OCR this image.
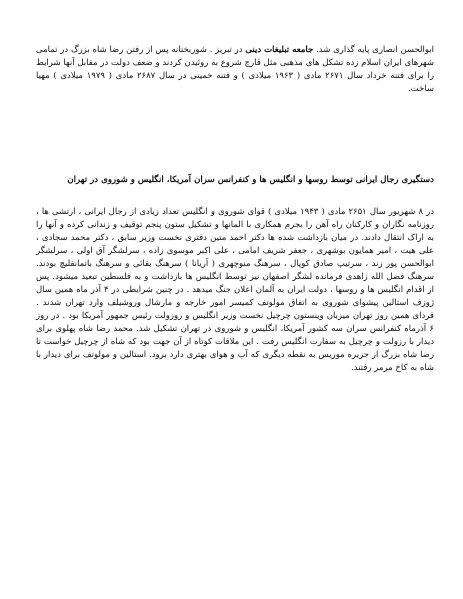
ابوالحسن انصاری پایه گذاری شد. جامعه تبلیغات دینی در تبریز . شوربختانه پس از رفتن رضا شاه بزرگ در تمامی شهرهای ایران اسلام زده تشکل های مذهبی مثل قارچ شروع به روئیدن کردند و ضعف دولت در مقابل آنها شرایط را برای فتنه خرداد سال ۲۶۷۱ مادی ( ۱۹۶۳ میلادی ) و فتنه خمینی در سال ۲۶۸۷ مادی ( ۱۹۷۹ میلادی ) مهیا ساخت.

دستگیری رجال ایرانی توسط روسها و انگلیس ها و کنفرانس سران آمریکا، انگلیس و شوروی در تهران

در ۸ شهریور سال ۲۶۵۱ مادی ( ۱۹۴۳ میلادی ) قوای شوروی و انگلیس تعداد زیادی از رجال ایرانی ، ارتشی ها ، روزنامه نگاران و کارکنان راه آهن را بجرم همکاری با المانها و تشکیل ستون پنجم توقیف و زندانی کرده و آنها را به اراک انتقال دادند. در میان بازداشت شده ها دکتر احمد متین دفتری نخست وزیر سابق ، دکتر محمد سجادی ، علی هیت ، امیر همایون بوشهری ، جعفر شریف امامی ، علی اکبر موسوی زاده ، سرلشگر آق اولی ، سرلشگر ابوالحسن پور زند ، سرتیپ صادق کوپال ، سرهنگ منوچهری ( آریانا ) سرهنگ بقائی و سرهنگ باتمانقلیچ بودند. سرهنگ فضل الله زاهدی فرمانده لشگر اصفهان نیز توسط انگلیس ها بازداشت و به فلسطین تبعید میشود. پس از اقدام انگلیس ها و روسها ، دولت ایران به آلمان اعلان جنگ میدهد . در چنین شرایطی در ۴ آذر ماه همین سال ژوزف استالین پیشوای شوروی به اتفاق مولوتف کمیسر امور خارجه و مارشال وروشیلف وارد تهران شدند . فردای همین روز تهران میزبان وینستون چرچیل نخست وزیر انگلیس و روزولت رئیس جمهور آمریکا بود . در روز ۶ آذرماه کنفرانس سران سه کشور آمریکا، انگلیس و شوروی در تهران تشکیل شد. محمد رضا شاه پهلوی برای دیدار با رزولت و چرچیل به سفارت انگلیس رفت . این ملاقات کوتاه از آن جهت بود که شاه از چرچیل خواست تا رضا شاه بزرگ از جزیره موریس به نقطه دیگری که آب و هوای بهتری دارد برود. استالین و مولوتف برای دیدار با شاه به کاخ مرمر رفتند.
